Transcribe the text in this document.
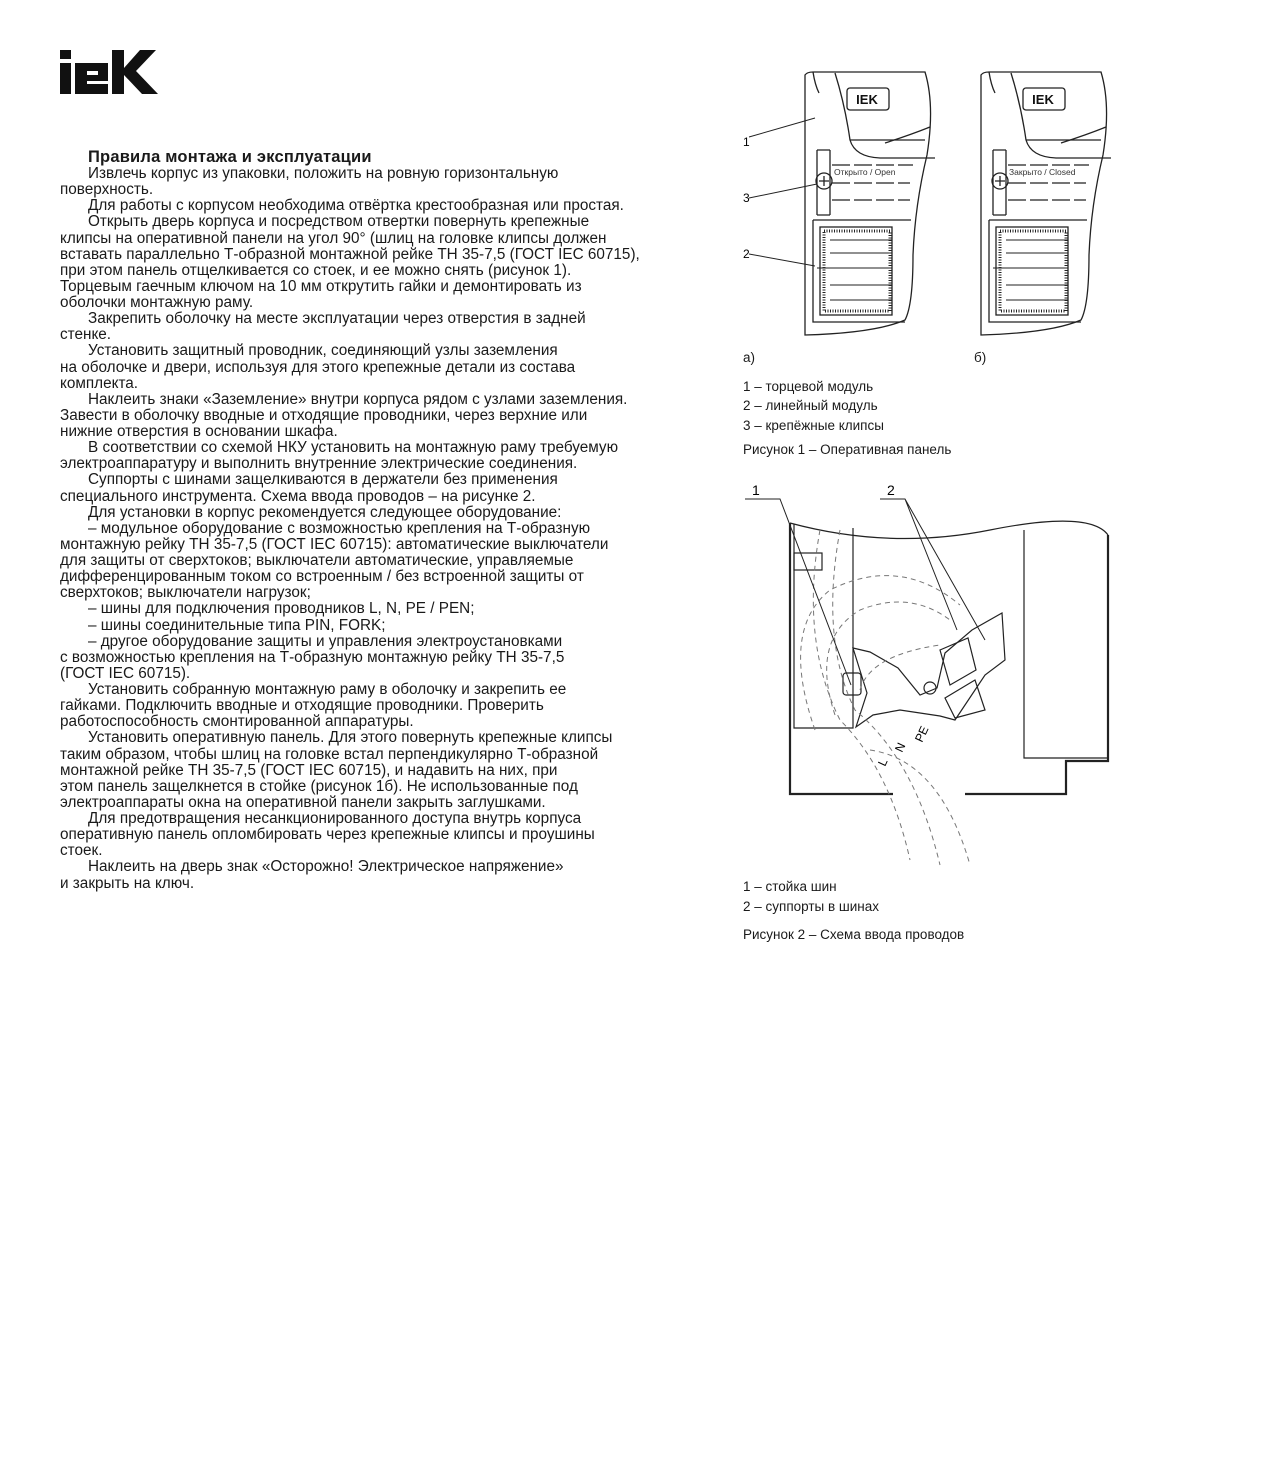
Правила монтажа и эксплуатации
Извлечь корпус из упаковки, положить на ровную горизонтальную
поверхность.
Для работы с корпусом необходима отвёртка крестообразная или простая.
Открыть дверь корпуса и посредством отвертки повернуть крепежные
клипсы на оперативной панели на угол 90° (шлиц на головке клипсы должен
вставать параллельно Т-образной монтажной рейке ТН 35-7,5 (ГОСТ IEC 60715),
при этом панель отщелкивается со стоек, и ее можно снять (рисунок 1).
Торцевым гаечным ключом на 10 мм открутить гайки и демонтировать из
оболочки монтажную раму.
Закрепить оболочку на месте эксплуатации через отверстия в задней
стенке.
Установить защитный проводник, соединяющий узлы заземления
на оболочке и двери, используя для этого крепежные детали из состава
комплекта.
Наклеить знаки «Заземление» внутри корпуса рядом с узлами заземления.
Завести в оболочку вводные и отходящие проводники, через верхние или
нижние отверстия в основании шкафа.
В соответствии со схемой НКУ установить на монтажную раму требуемую
электроаппаратуру и выполнить внутренние электрические соединения.
Суппорты с шинами защелкиваются в держатели без применения
специального инструмента. Схема ввода проводов – на рисунке 2.
Для установки в корпус рекомендуется следующее оборудование:
– модульное оборудование с возможностью крепления на Т-образную
монтажную рейку ТН 35-7,5 (ГОСТ IEC 60715): автоматические выключатели
для защиты от сверхтоков; выключатели автоматические, управляемые
дифференцированным током со встроенным / без встроенной защиты от
сверхтоков; выключатели нагрузок;
– шины для подключения проводников L, N, PE / PEN;
– шины соединительные типа PIN, FORK;
– другое оборудование защиты и управления электроустановками
с возможностью крепления на Т-образную монтажную рейку ТН 35-7,5
(ГОСТ IEC 60715).
Установить собранную монтажную раму в оболочку и закрепить ее
гайками. Подключить вводные и отходящие проводники. Проверить
работоспособность смонтированной аппаратуры.
Установить оперативную панель. Для этого повернуть крепежные клипсы
таким образом, чтобы шлиц на головке встал перпендикулярно Т-образной
монтажной рейке ТН 35-7,5 (ГОСТ IEC 60715), и надавить на них, при
этом панель защелкнется в стойке (рисунок 1б). Не использованные под
электроаппараты окна на оперативной панели закрыть заглушками.
Для предотвращения несанкционированного доступа внутрь корпуса
оперативную панель опломбировать через крепежные клипсы и проушины
стоек.
Наклеить на дверь знак «Осторожно! Электрическое напряжение»
и закрыть на ключ.
IEK
Открыто / Open
IEK
Закрыто / Closed
1
2
3
а)	б)
1 – торцевой модуль
2 – линейный модуль
3 – крепёжные клипсы
Рисунок 1 – Оперативная панель
1	2
L
N
PE
1 – стойка шин
2 – суппорты в шинах
Рисунок 2 – Схема ввода проводов
